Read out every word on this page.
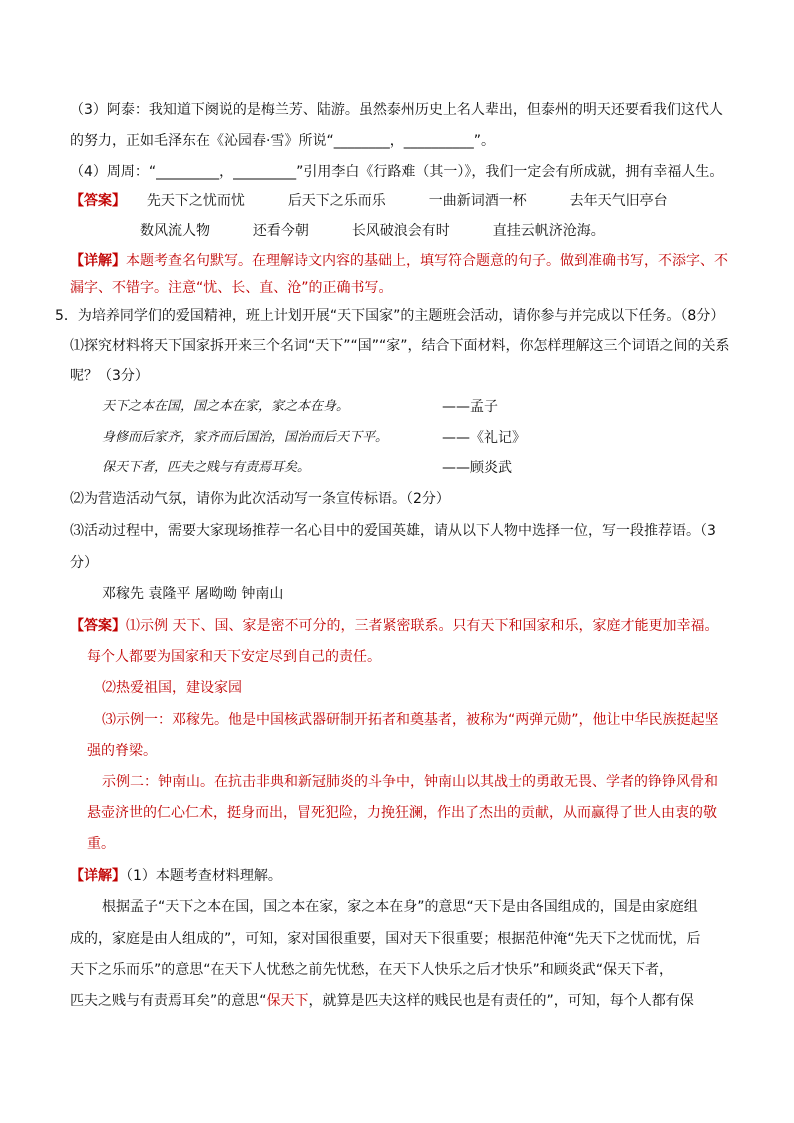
（3）阿泰：我知道下阕说的是梅兰芳、陆游。虽然泰州历史上名人辈出，但泰州的明天还要看我们这代人
的努力，正如毛泽东在《沁园春·雪》所说“________，__________”。
（4）周周：“_________，_________”引用李白《行路难（其一）》，我们一定会有所成就，拥有幸福人生。
【答案】 先天下之忧而忧	后天下之乐而乐	一曲新词酒一杯	去年天气旧亭台
数风流人物	还看今朝	长风破浪会有时	直挂云帆济沧海。
【详解】本题考查名句默写。在理解诗文内容的基础上，填写符合题意的句子。做到准确书写，不添字、不
漏字、不错字。注意“忧、长、直、沧”的正确书写。
5．为培养同学们的爱国精神，班上计划开展“天下国家”的主题班会活动，请你参与并完成以下任务。（8分）
⑴探究材料将天下国家拆开来三个名词“天下”“国”“家”，结合下面材料，你怎样理解这三个词语之间的关系
呢？（3分）
天下之本在国，国之本在家，家之本在身。	——孟子
身修而后家齐，家齐而后国治，国治而后天下平。	——《礼记》
保天下者，匹夫之贱与有责焉耳矣。	——顾炎武
⑵为营造活动气氛，请你为此次活动写一条宣传标语。（2分）
⑶活动过程中，需要大家现场推荐一名心目中的爱国英雄，请从以下人物中选择一位，写一段推荐语。（3
分）
邓稼先 袁隆平 屠呦呦 钟南山
【答案】⑴示例 天下、国、家是密不可分的，三者紧密联系。只有天下和国家和乐，家庭才能更加幸福。
每个人都要为国家和天下安定尽到自己的责任。
⑵热爱祖国，建设家园
⑶示例一：邓稼先。他是中国核武器研制开拓者和奠基者，被称为“两弹元勋”，他让中华民族挺起坚
强的脊梁。
示例二：钟南山。在抗击非典和新冠肺炎的斗争中，钟南山以其战士的勇敢无畏、学者的铮铮风骨和
悬壶济世的仁心仁术，挺身而出，冒死犯险，力挽狂澜，作出了杰出的贡献，从而赢得了世人由衷的敬
重。
【详解】（1）本题考查材料理解。
根据孟子“天下之本在国，国之本在家，家之本在身”的意思“天下是由各国组成的，国是由家庭组
成的，家庭是由人组成的”，可知，家对国很重要，国对天下很重要；根据范仲淹“先天下之忧而忧，后
天下之乐而乐”的意思“在天下人忧愁之前先忧愁，在天下人快乐之后才快乐”和顾炎武“保天下者，
匹夫之贱与有责焉耳矣”的意思“保天下，就算是匹夫这样的贱民也是有责任的”，可知，每个人都有保
